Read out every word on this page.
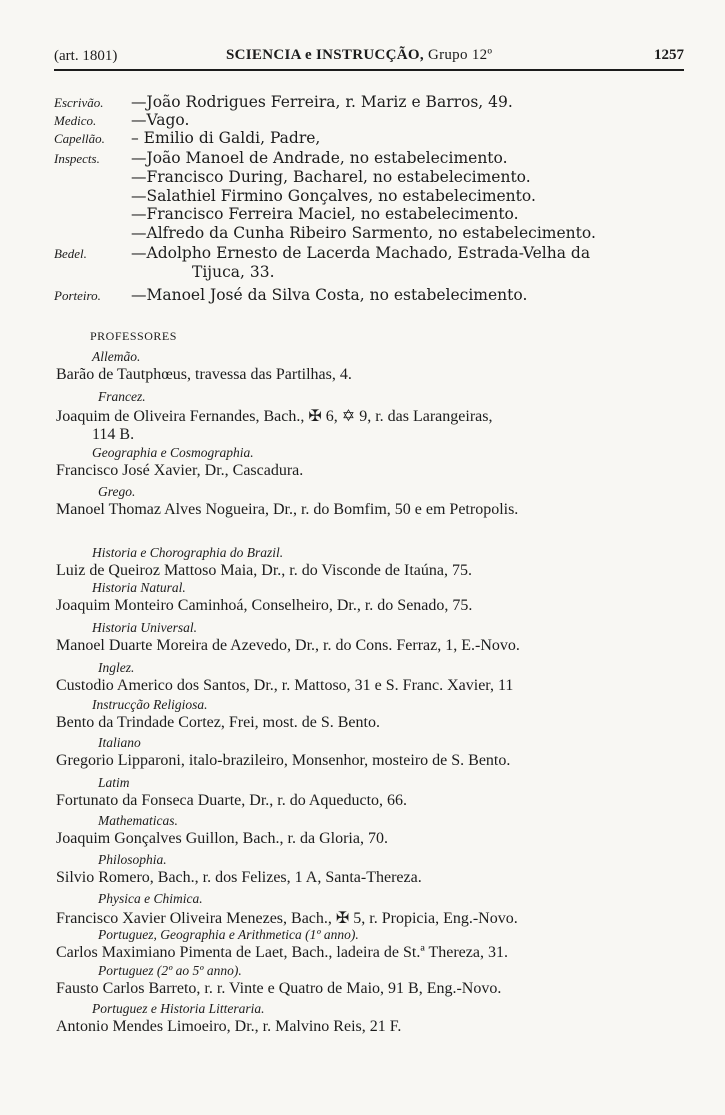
(art. 1801)	SCIENCIA e INSTRUCÇÃO, Grupo 12º	1257
Escrivão. —João Rodrigues Ferreira, r. Mariz e Barros, 49.
Medico. —Vago.
Capellão. – Emilio di Galdi, Padre,
Inspects. —João Manoel de Andrade, no estabelecimento.
—Francisco During, Bacharel, no estabelecimento.
—Salathiel Firmino Gonçalves, no estabelecimento.
—Francisco Ferreira Maciel, no estabelecimento.
—Alfredo da Cunha Ribeiro Sarmento, no estabelecimento.
Bedel.	—Adolpho Ernesto de Lacerda Machado, Estrada-Velha da
Tijuca, 33.
Porteiro. —Manoel José da Silva Costa, no estabelecimento.
PROFESSORES
Allemão.
Barão de Tautphœus, travessa das Partilhas, 4.
Francez.
Joaquim de Oliveira Fernandes, Bach., ✠ 6, ✡ 9, r. das Larangeiras,
114 B.
Geographia e Cosmographia.
Francisco José Xavier, Dr., Cascadura.
Grego.
Manoel Thomaz Alves Nogueira, Dr., r. do Bomfim, 50 e em Petropolis.
Historia e Chorographia do Brazil.
Luiz de Queiroz Mattoso Maia, Dr., r. do Visconde de Itaúna, 75.
Historia Natural.
Joaquim Monteiro Caminhoá, Conselheiro, Dr., r. do Senado, 75.
Historia Universal.
Manoel Duarte Moreira de Azevedo, Dr., r. do Cons. Ferraz, 1, E.-Novo.
Inglez.
Custodio Americo dos Santos, Dr., r. Mattoso, 31 e S. Franc. Xavier, 11
Instrucção Religiosa.
Bento da Trindade Cortez, Frei, most. de S. Bento.
Italiano
Gregorio Lipparoni, italo-brazileiro, Monsenhor, mosteiro de S. Bento.
Latim
Fortunato da Fonseca Duarte, Dr., r. do Aqueducto, 66.
Mathematicas.
Joaquim Gonçalves Guillon, Bach., r. da Gloria, 70.
Philosophia.
Silvio Romero, Bach., r. dos Felizes, 1 A, Santa-Thereza.
Physica e Chimica.
Francisco Xavier Oliveira Menezes, Bach., ✠ 5, r. Propicia, Eng.-Novo.
Portuguez, Geographia e Arithmetica (1º anno).
Carlos Maximiano Pimenta de Laet, Bach., ladeira de St.ª Thereza, 31.
Portuguez (2º ao 5º anno).
Fausto Carlos Barreto, r. r. Vinte e Quatro de Maio, 91 B, Eng.-Novo.
Portuguez e Historia Litteraria.
Antonio Mendes Limoeiro, Dr., r. Malvino Reis, 21 F.
